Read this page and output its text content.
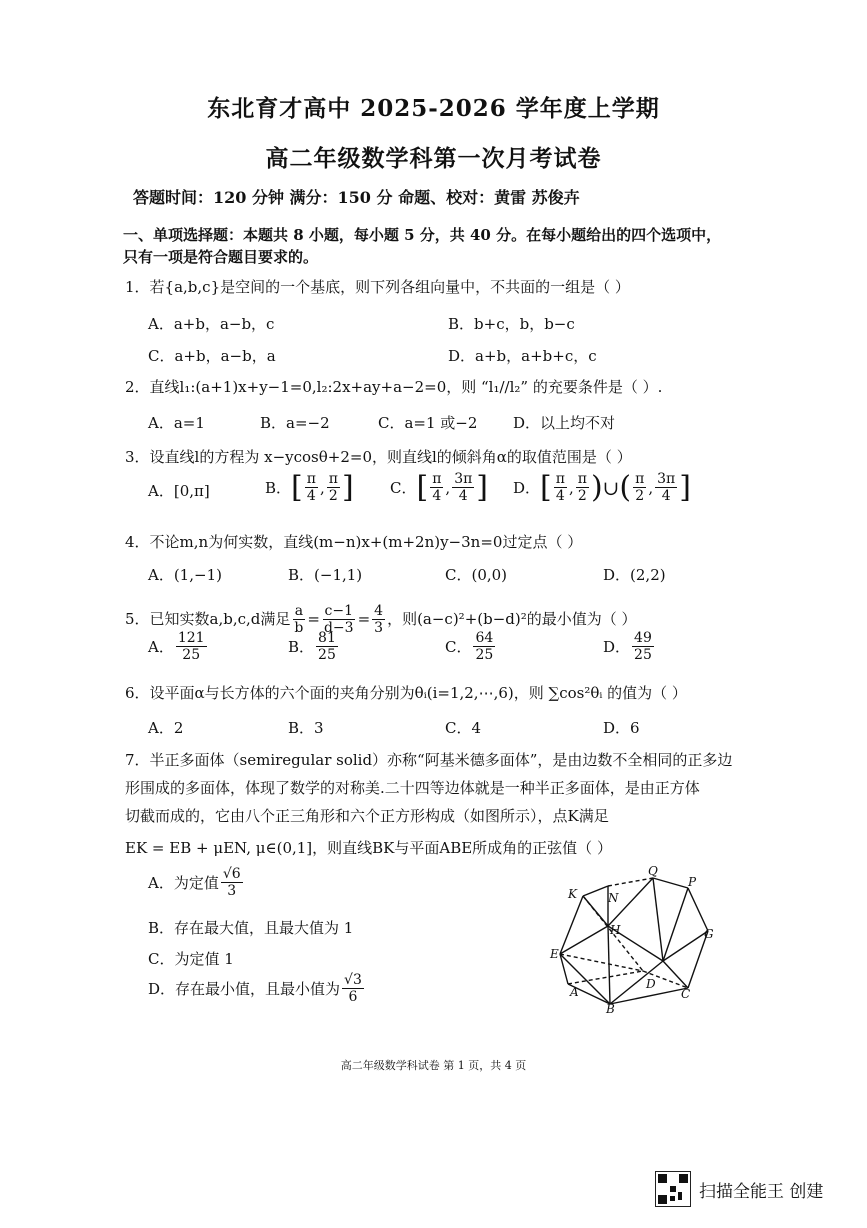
东北育才高中 2025-2026 学年度上学期
高二年级数学科第一次月考试卷
答题时间：120 分钟 满分：150 分 命题、校对：黄雷 苏俊卉
一、单项选择题：本题共 8 小题，每小题 5 分，共 40 分。在每小题给出的四个选项中，
只有一项是符合题目要求的。
1．若{a,b,c}是空间的一个基底，则下列各组向量中，不共面的一组是（ ）
A．a+b，a−b，c	B．b+c，b，b−c
C．a+b，a−b，a	D．a+b，a+b+c，c
2．直线l₁:(a+1)x+y−1=0,l₂:2x+ay+a−2=0，则 “l₁//l₂” 的充要条件是（ ）.
A．a=1	B．a=−2	C．a=1 或−2 D．以上均不对
3．设直线l的方程为 x−ycosθ+2=0，则直线l的倾斜角α的取值范围是（ ）
A． [0,π]	B． [ $\frac{\pi}{4}$ , $\frac{\pi}{2}$ ] C． [ $\frac{\pi}{4}$ , $\frac{3\pi}{4}$ ] D． [ $\frac{\pi}{4}$ , $\frac{\pi}{2}$ ) ∪ ( $\frac{\pi}{2}$ , $\frac{3\pi}{4}$ ]
4．不论m,n为何实数，直线(m−n)x+(m+2n)y−3n=0过定点（ ）
A．(1,−1)	B．(−1,1)	C．(0,0)	D．(2,2)
5．已知实数a,b,c,d满足 $\frac{a}{b} = \frac{c-1}{d-3} = \frac{4}{3}$ ，则(a−c)²+(b−d)²的最小值为（ ）
A． $\frac{121}{25}$	B． $\frac{81}{25}$	C． $\frac{64}{25}$	D． $\frac{49}{25}$
6．设平面α与长方体的六个面的夹角分别为θᵢ(i=1,2,⋯,6)，则 ∑cos²θᵢ 的值为（ ）
A．2	B．3	C．4	D．6
7．半正多面体（semiregular solid）亦称“阿基米德多面体”，是由边数不全相同的正多边
形围成的多面体，体现了数学的对称美.二十四等边体就是一种半正多面体，是由正方体
切截而成的，它由八个正三角形和六个正方形构成（如图所示），点K满足
EK = EB + μEN, μ∈(0,1]，则直线BK与平面ABE所成角的正弦值（ ）
A．为定值 $\frac{√6}{3}$
B．存在最大值，且最大值为 1
C．为定值 1
D．存在最小值，且最小值为 $\frac{√3}{6}$
K	N
Q
P
H	G
E
A
D
C
B
高二年级数学科试卷 第 1 页，共 4 页
扫描全能王 创建
